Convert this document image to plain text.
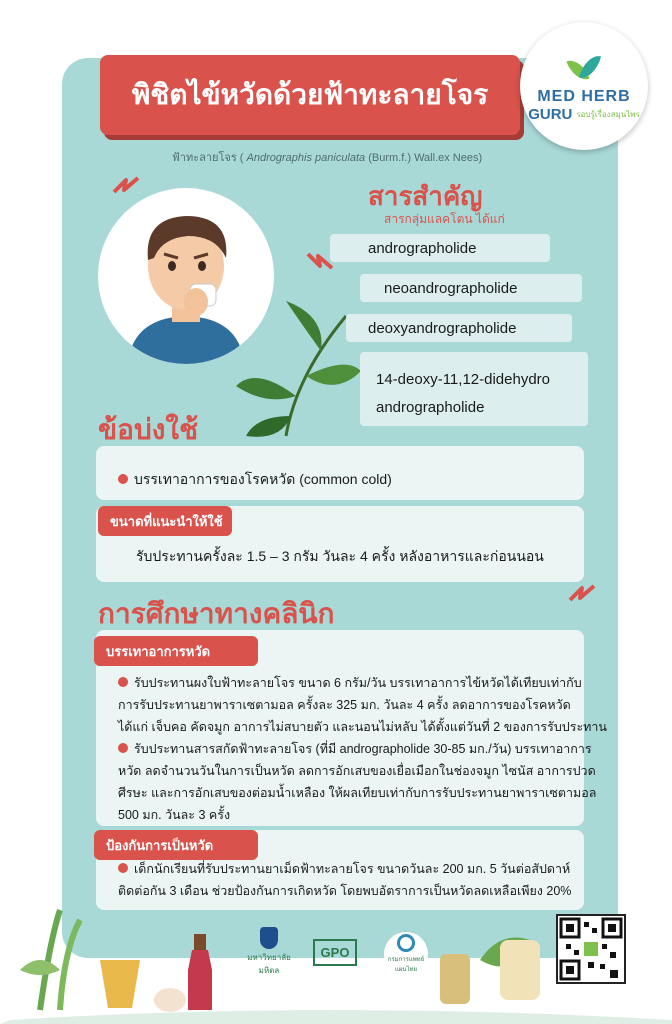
พิชิตไข้หวัดด้วย ฟ้าทะลายโจร	MED HERB
GURU รอบรู้เรื่องสมุนไพร
ฟ้าทะลายโจร ( Andrographis paniculata (Burm.f.) Wall.ex Nees)
สารสำคัญ
สารกลุ่มแลคโตน ได้แก่
andrographolide
neoandrographolide
deoxyandrographolide
14-deoxy-11,12-didehydro
andrographolide
ข้อบ่งใช้
บรรเทาอาการของโรคหวัด (common cold)
ขนาดที่แนะนำให้ใช้
รับประทานครั้งละ 1.5 – 3 กรัม วันละ 4 ครั้ง หลังอาหารและก่อนนอน
การศึกษาทางคลินิก
บรรเทาอาการหวัด
รับประทานผงใบฟ้าทะลายโจร ขนาด 6 กรัม/วัน บรรเทาอาการไข้หวัดได้เทียบเท่ากับ
การรับประทานยาพาราเซตามอล ครั้งละ 325 มก. วันละ 4 ครั้ง ลดอาการของโรคหวัด
ได้แก่ เจ็บคอ คัดจมูก อาการไม่สบายตัว และนอนไม่หลับ ได้ตั้งแต่วันที่ 2 ของการรับประทาน
รับประทานสารสกัดฟ้าทะลายโจร (ที่มี andrographolide 30-85 มก./วัน) บรรเทาอาการ
หวัด ลดจำนวนวันในการเป็นหวัด ลดการอักเสบของเยื่อเมือกในช่องจมูก ไซนัส อาการปวด
ศีรษะ และการอักเสบของต่อมน้ำเหลือง ให้ผลเทียบเท่ากับการรับประทานยาพาราเซตามอล
500 มก. วันละ 3 ครั้ง
ป้องกันการเป็นหวัด
เด็กนักเรียนที่รับประทานยาเม็ดฟ้าทะลายโจร ขนาดวันละ 200 มก. 5 วันต่อสัปดาห์
ติดต่อกัน 3 เดือน ช่วยป้องกันการเกิดหวัด โดยพบอัตราการเป็นหวัดลดเหลือเพียง 20%
มหาวิทยาลัยมหิดล
GPO
กรมการแพทย์แผนไทย
